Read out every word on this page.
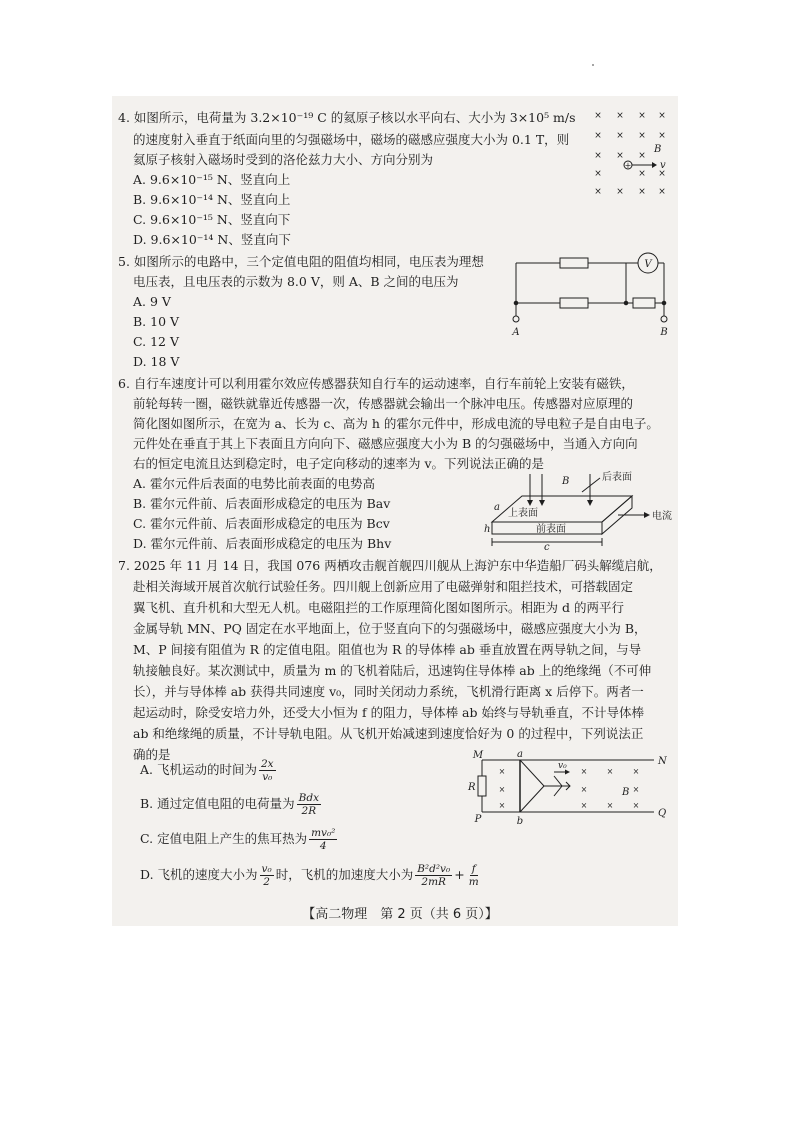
4. 如图所示，电荷量为 3.2×10⁻¹⁹ C 的氦原子核以水平向右、大小为 3×10⁵ m/s
的速度射入垂直于纸面向里的匀强磁场中，磁场的磁感应强度大小为 0.1 T，则
氦原子核射入磁场时受到的洛伦兹力大小、方向分别为
A. 9.6×10⁻¹⁵ N、竖直向上
B. 9.6×10⁻¹⁴ N、竖直向上
C. 9.6×10⁻¹⁵ N、竖直向下
D. 9.6×10⁻¹⁴ N、竖直向下
× × × ×
× × × ×
× × ×
×	× ×
× × × ×
B
+	v
5. 如图所示的电路中，三个定值电阻的阻值均相同，电压表为理想
电压表，且电压表的示数为 8.0 V，则 A、B 之间的电压为
A. 9 V
B. 10 V
C. 12 V
D. 18 V
V
A	B
6. 自行车速度计可以利用霍尔效应传感器获知自行车的运动速率，自行车前轮上安装有磁铁，
前轮每转一圈，磁铁就靠近传感器一次，传感器就会输出一个脉冲电压。传感器对应原理的
简化图如图所示，在宽为 a、长为 c、高为 h 的霍尔元件中，形成电流的导电粒子是自由电子。
元件处在垂直于其上下表面且方向向下、磁感应强度大小为 B 的匀强磁场中，当通入方向向
右的恒定电流且达到稳定时，电子定向移动的速率为 v。下列说法正确的是
A. 霍尔元件后表面的电势比前表面的电势高
B. 霍尔元件前、后表面形成稳定的电压为 Bav
C. 霍尔元件前、后表面形成稳定的电压为 Bcv
D. 霍尔元件前、后表面形成稳定的电压为 Bhv
B	后表面
上表面
前表面
电流
a
h
c
7. 2025 年 11 月 14 日，我国 076 两栖攻击舰首舰四川舰从上海沪东中华造船厂码头解缆启航，
赴相关海域开展首次航行试验任务。四川舰上创新应用了电磁弹射和阻拦技术，可搭载固定
翼飞机、直升机和大型无人机。电磁阻拦的工作原理简化图如图所示。相距为 d 的两平行
金属导轨 MN、PQ 固定在水平地面上，位于竖直向下的匀强磁场中，磁感应强度大小为 B，
M、P 间接有阻值为 R 的定值电阻。阻值也为 R 的导体棒 ab 垂直放置在两导轨之间，与导
轨接触良好。某次测试中，质量为 m 的飞机着陆后，迅速钩住导体棒 ab 上的绝缘绳（不可伸
长），并与导体棒 ab 获得共同速度 v₀，同时关闭动力系统，飞机滑行距离 x 后停下。两者一
起运动时，除受安培力外，还受大小恒为 f 的阻力，导体棒 ab 始终与导轨垂直，不计导体棒
ab 和绝缘绳的质量，不计导轨电阻。从飞机开始减速到速度恰好为 0 的过程中，下列说法正
确的是
A. 飞机运动的时间为 $\frac{2x}{\text{v₀}}$
B. 通过定值电阻的电荷量为 $\frac{\text{Bdx}}{2R}$
C. 定值电阻上产生的焦耳热为 $\frac{\text{mv₀²}}{4}$
D. 飞机的速度大小为 $\frac{\text{v₀}}{2}$ 时，飞机的加速度大小为 $\frac{\text{B²d²v₀}}{2mR} + \frac{f}{m}$
×
×
×
× × ×
×	×
× × ×
M
N
P
Q
a
b
R	B
v₀
【高二物理　第 2 页（共 6 页）】
